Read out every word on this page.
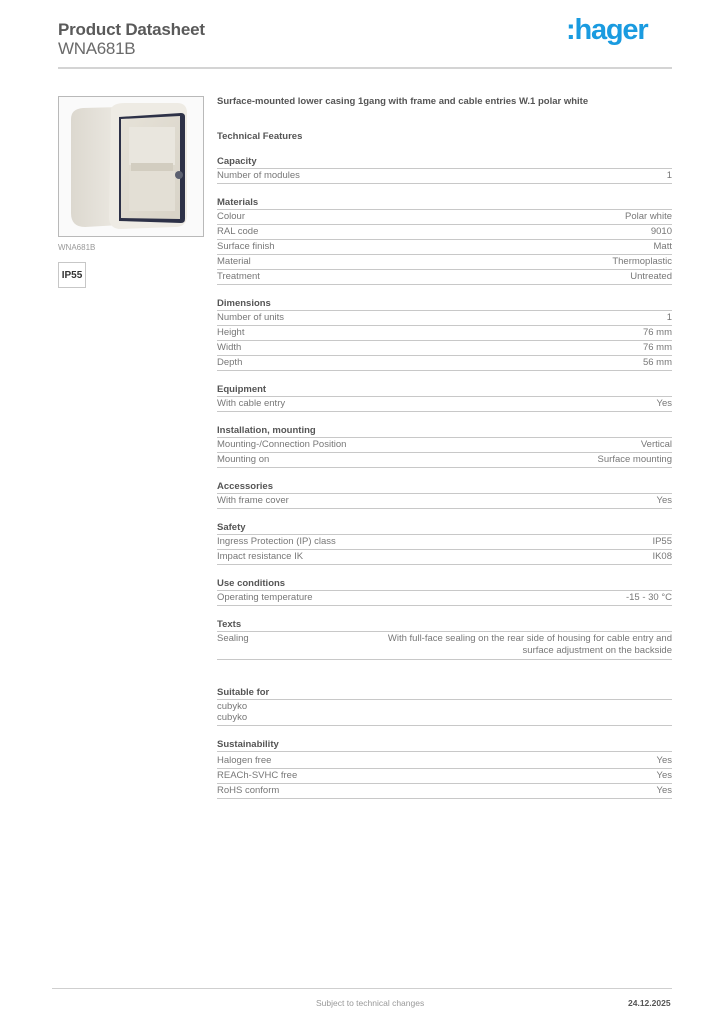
Product Datasheet
WNA681B
:hager
WNA681B
IP55
Surface-mounted lower casing 1gang with frame and cable entries W.1 polar white
Technical Features
Capacity
Number of modules	1
Materials
Colour	Polar white
RAL code	9010
Surface finish	Matt
Material	Thermoplastic
Treatment	Untreated
Dimensions
Number of units	1
Height	76 mm
Width	76 mm
Depth	56 mm
Equipment
With cable entry	Yes
Installation, mounting
Mounting-/Connection Position	Vertical
Mounting on	Surface mounting
Accessories
With frame cover	Yes
Safety
Ingress Protection (IP) class	IP55
Impact resistance IK	IK08
Use conditions
Operating temperature	-15 - 30 °C
Texts
Sealing	With full-face sealing on the rear side of housing for cable entry and surface adjustment on the backside
Suitable for
cubyko
cubyko
Sustainability
Halogen free	Yes
REACh-SVHC free	Yes
RoHS conform	Yes
Subject to technical changes	24.12.2025
